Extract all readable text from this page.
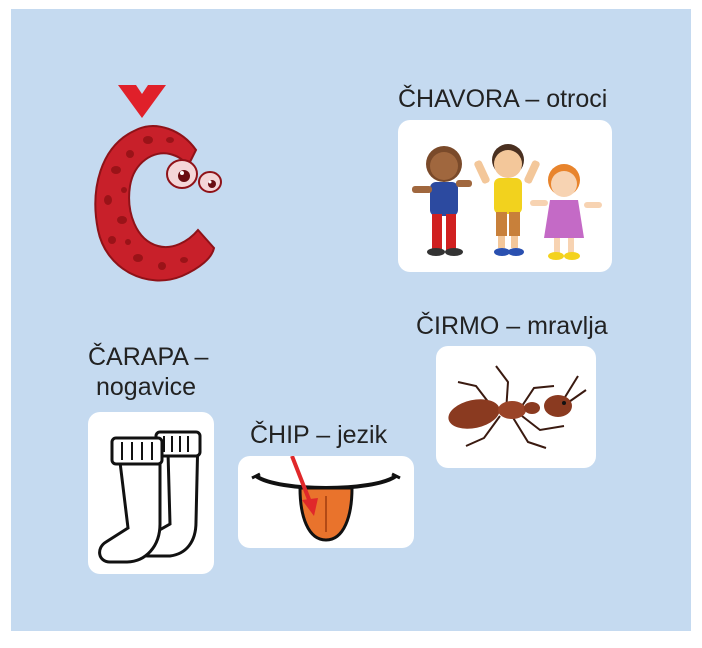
ČHAVORA – otroci
ČIRMO – mravlja
ČARAPA –
nogavice
ČHIP – jezik
